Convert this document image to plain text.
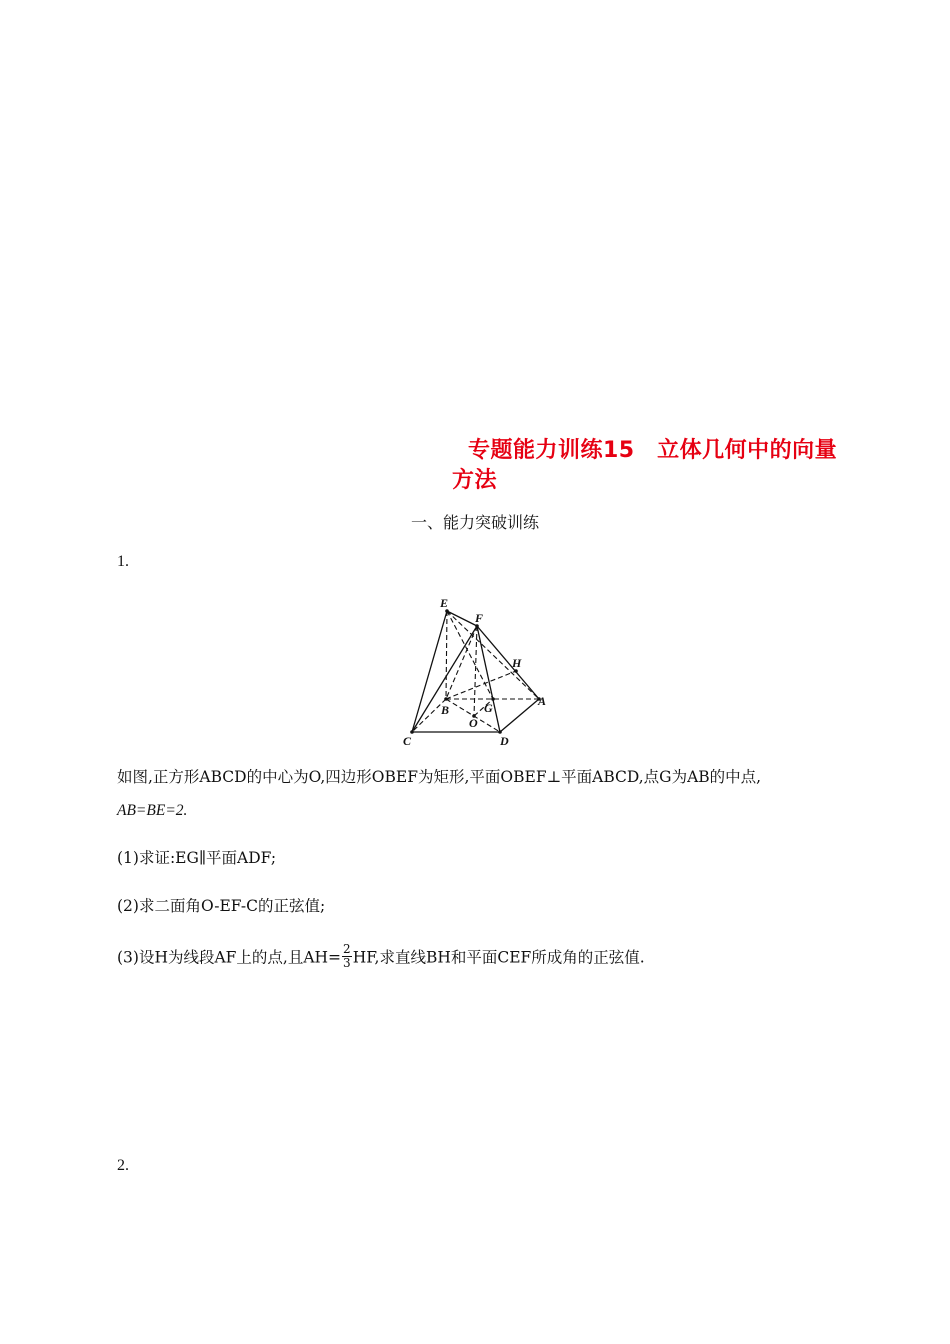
专题能力训练15　立体几何中的向量方法
一、能力突破训练
1.
E
F
H
A
B	G
O
C	D
如图,正方形ABCD的中心为O,四边形OBEF为矩形,平面OBEF⊥平面ABCD,点G为AB的中点,
AB=BE=2.
(1)求证:EG∥平面ADF;
(2)求二面角O-EF-C的正弦值;
(3)设H为线段AF上的点,且$AH= \frac{2}{3}$ HF,求直线BH和平面CEF所成角的正弦值.
2.
